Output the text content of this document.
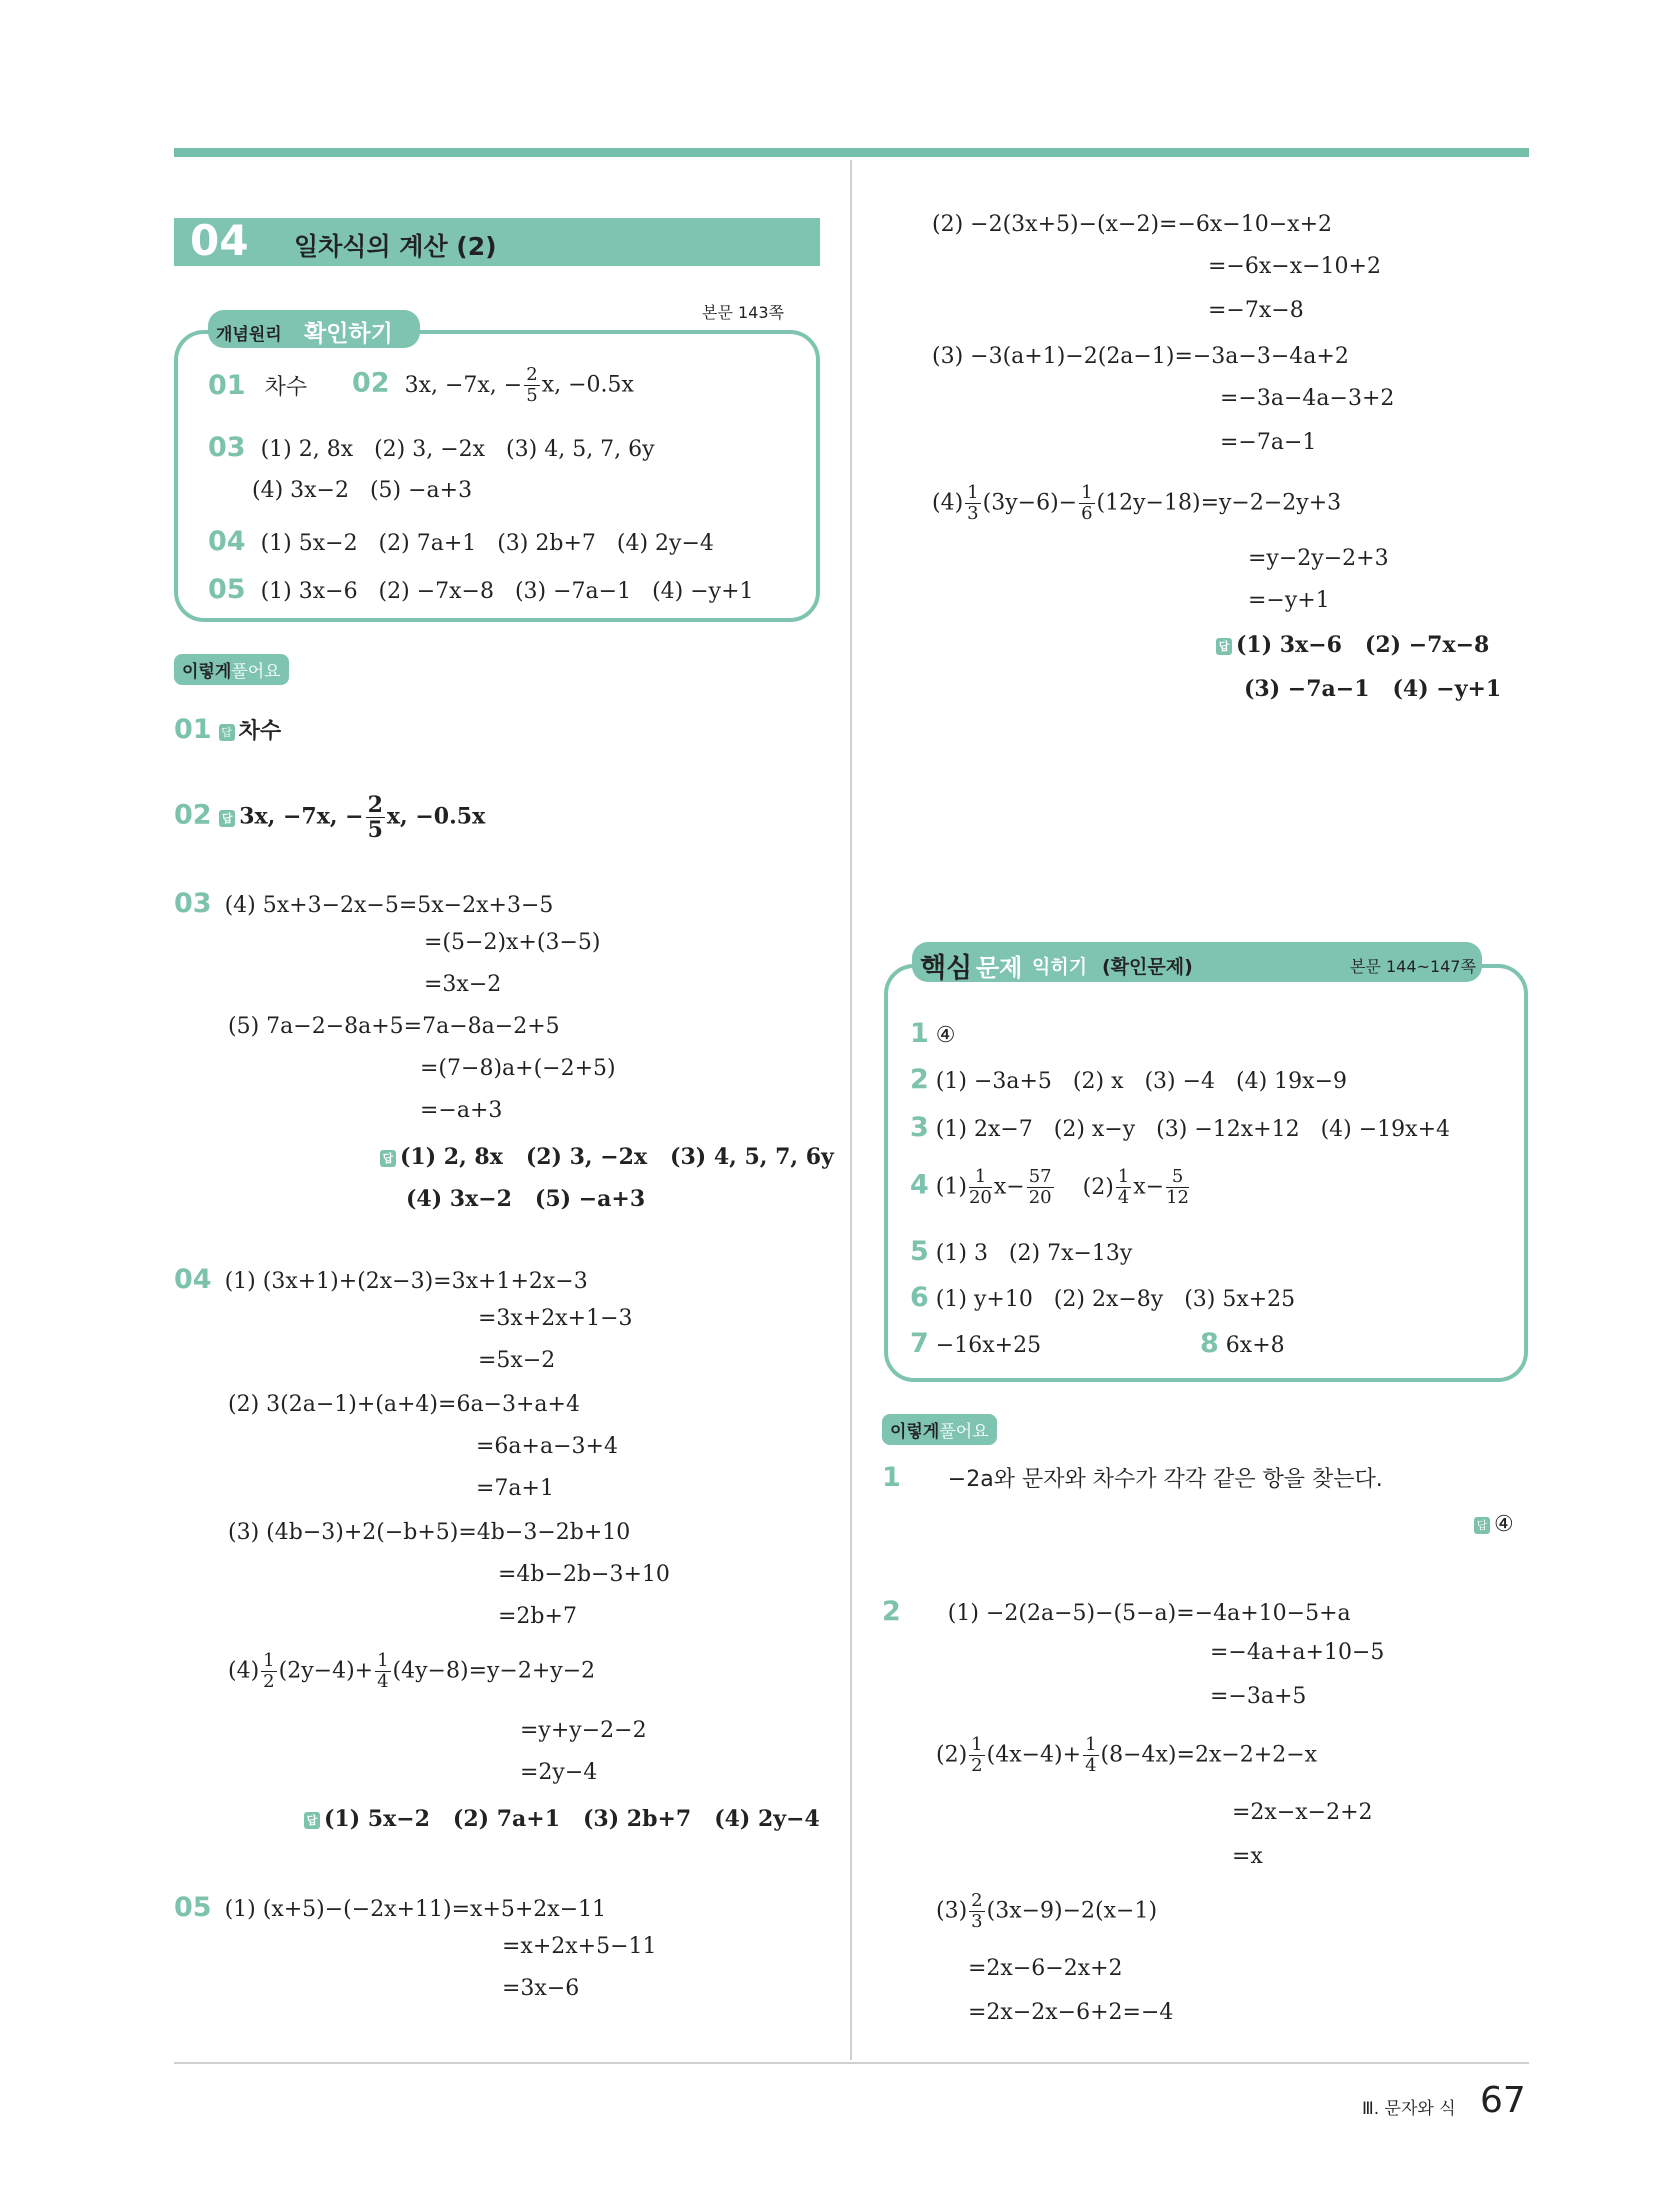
04 일차식의 계산 (2)
본문 143쪽
개념원리 확인하기
01 차수 02 3x, −7x, − $\frac{2}{5} x$, −0.5x
03 (1) 2, 8x   (2) 3, −2x   (3) 4, 5, 7, 6y
(4) 3x−2   (5) −a+3
04 (1) 5x−2   (2) 7a+1   (3) 2b+7   (4) 2y−4
05 (1) 3x−6   (2) −7x−8   (3) −7a−1   (4) −y+1
이렇게풀어요
01 답 차수
02 답 3x, −7x, − $\frac{2}{5} x$, −0.5x
03 (4) 5x+3−2x−5=5x−2x+3−5
=(5−2)x+(3−5)
=3x−2
(5) 7a−2−8a+5=7a−8a−2+5
=(7−8)a+(−2+5)
=−a+3
답 (1) 2, 8x   (2) 3, −2x   (3) 4, 5, 7, 6y
(4) 3x−2   (5) −a+3
04 (1) (3x+1)+(2x−3)=3x+1+2x−3
=3x+2x+1−3
=5x−2
(2) 3(2a−1)+(a+4)=6a−3+a+4
=6a+a−3+4
=7a+1
(3) (4b−3)+2(−b+5)=4b−3−2b+10
=4b−2b−3+10
=2b+7
$(4) \frac{1}{2} (2y-4)+ \frac{1}{4} (4y-8)=y-2+y-2$
=y+y−2−2
=2y−4
답 (1) 5x−2   (2) 7a+1   (3) 2b+7   (4) 2y−4
05 (1) (x+5)−(−2x+11)=x+5+2x−11
=x+2x+5−11
=3x−6
(2) −2(3x+5)−(x−2)=−6x−10−x+2
=−6x−x−10+2
=−7x−8
(3) −3(a+1)−2(2a−1)=−3a−3−4a+2
=−3a−4a−3+2
=−7a−1
$(4) \frac{1}{3} (3y-6)- \frac{1}{6} (12y-18)=y-2-2y+3$
=y−2y−2+3
=−y+1
답 (1) 3x−6   (2) −7x−8
(3) −7a−1   (4) −y+1
핵심 문제 익히기 (확인문제)	본문 144~147쪽
1 ④
2 (1) −3a+5   (2) x   (3) −4   (4) 19x−9
3 (1) 2x−7   (2) x−y   (3) −12x+12   (4) −19x+4
4 $(1) \frac{1}{20} x- \frac{57}{20} (2) \frac{1}{4} x- \frac{5}{12}$
5 (1) 3   (2) 7x−13y
6 (1) y+10   (2) 2x−8y   (3) 5x+25
7 −16x+25	8 6x+8
이렇게풀어요
1 −2a와 문자와 차수가 각각 같은 항을 찾는다.
답 ④
2 (1) −2(2a−5)−(5−a)=−4a+10−5+a
=−4a+a+10−5
=−3a+5
$(2) \frac{1}{2} (4x-4)+ \frac{1}{4} (8-4x)=2x-2+2-x$
=2x−x−2+2
=x
$(3) \frac{2}{3} (3x-9)-2(x-1)$
=2x−6−2x+2
=2x−2x−6+2=−4
Ⅲ. 문자와 식 67
